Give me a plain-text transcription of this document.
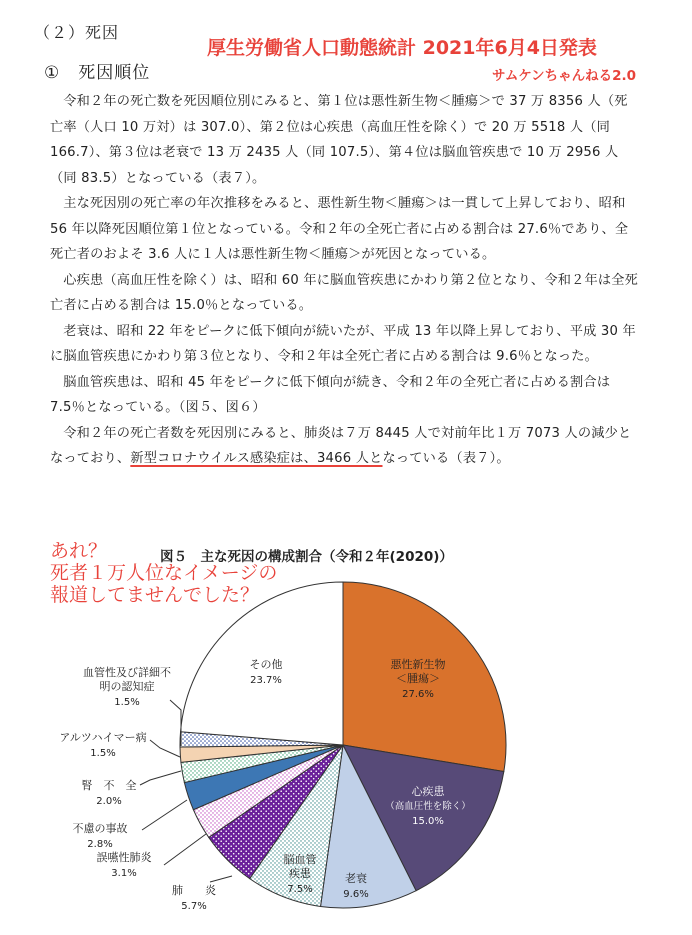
（２）死因
①　死因順位
厚生労働省人口動態統計 2021年6月4日発表
サムケンちゃんねる2.0

令和２年の死亡数を死因順位別にみると、第１位は悪性新生物＜腫瘍＞で 37 万 8356 人（死亡率（人口 10 万対）は 307.0）、第２位は心疾患（高血圧性を除く）で 20 万 5518 人（同 166.7）、第３位は老衰で 13 万 2435 人（同 107.5）、第４位は脳血管疾患で 10 万 2956 人（同 83.5）となっている（表７）。

主な死因別の死亡率の年次推移をみると、悪性新生物＜腫瘍＞は一貫して上昇しており、昭和 56 年以降死因順位第１位となっている。令和２年の全死亡者に占める割合は 27.6％であり、全死亡者のおよそ 3.6 人に１人は悪性新生物＜腫瘍＞が死因となっている。

心疾患（高血圧性を除く）は、昭和 60 年に脳血管疾患にかわり第２位となり、令和２年は全死亡者に占める割合は 15.0％となっている。

老衰は、昭和 22 年をピークに低下傾向が続いたが、平成 13 年以降上昇しており、平成 30 年に脳血管疾患にかわり第３位となり、令和２年は全死亡者に占める割合は 9.6％となった。

脳血管疾患は、昭和 45 年をピークに低下傾向が続き、令和２年の全死亡者に占める割合は 7.5％となっている。（図５、図６）

令和２年の死亡者数を死因別にみると、肺炎は７万 8445 人で対前年比１万 7073 人の減少となっており、新型コロナウイルス感染症は、3466 人となっている（表７）。

図５　主な死因の構成割合（令和２年(2020)）
悪性新生物
＜腫瘍＞
27.6%
心疾患
（高血圧性を除く）
15.0%
老衰
9.6%
脳血管
疾患
7.5%
肺　　炎
5.7%
誤嚥性肺炎
3.1%
不慮の事故
2.8%
腎　不　全
2.0%
アルツハイマー病
1.5%
血管性及び詳細不
明の認知症
1.5%
その他
23.7%
あれ？
死者１万人位なイメージの
報道してませんでした？
